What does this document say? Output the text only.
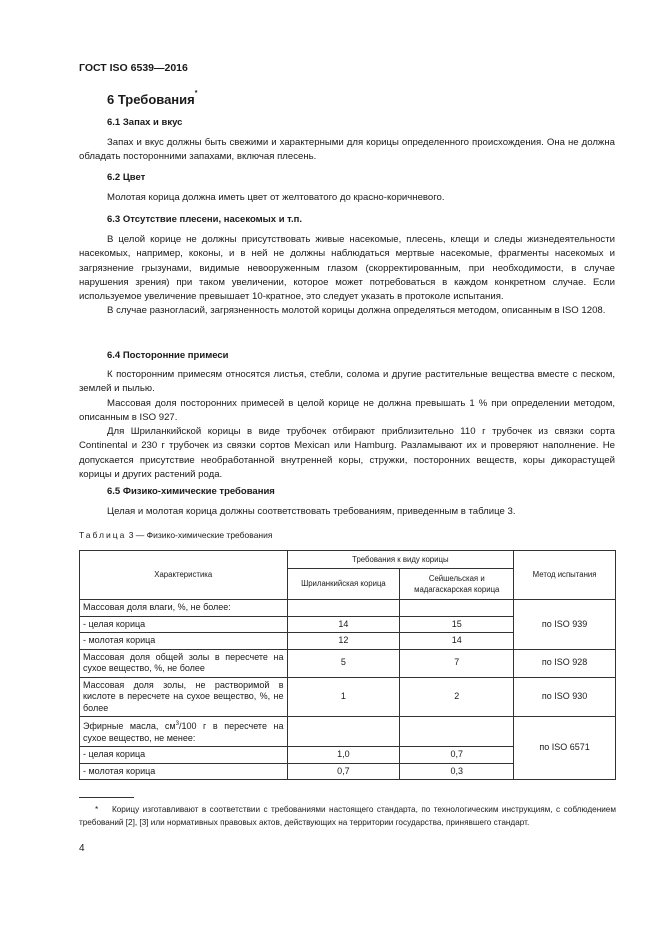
ГОСТ ISO 6539—2016
6 Требования*
6.1 Запах и вкус

Запах и вкус должны быть свежими и характерными для корицы определенного происхождения. Она не должна обладать посторонними запахами, включая плесень.

6.2 Цвет

Молотая корица должна иметь цвет от желтоватого до красно-коричневого.

6.3 Отсутствие плесени, насекомых и т.п.

В целой корице не должны присутствовать живые насекомые, плесень, клещи и следы жизнедеятельности насекомых, например, коконы, и в ней не должны наблюдаться мертвые насекомые, фрагменты насекомых и загрязнение грызунами, видимые невооруженным глазом (скорректированным, при необходимости, в случае нарушения зрения) при таком увеличении, которое может потребоваться в каждом конкретном случае. Если используемое увеличение превышает 10-кратное, это следует указать в протоколе испытания.

В случае разногласий, загрязненность молотой корицы должна определяться методом, описанным в ISO 1208.

6.4 Посторонние примеси

К посторонним примесям относятся листья, стебли, солома и другие растительные вещества вместе с песком, землей и пылью.

Массовая доля посторонних примесей в целой корице не должна превышать 1 % при определении методом, описанным в ISO 927.

Для Шриланкийской корицы в виде трубочек отбирают приблизительно 110 г трубочек из связки сорта Continental и 230 г трубочек из связки сортов Mexican или Hamburg. Разламывают их и проверяют наполнение. Не допускается присутствие необработанной внутренней коры, стружки, посторонних веществ, коры дикорастущей корицы и других растений рода.

6.5 Физико-химические требования

Целая и молотая корица должны соответствовать требованиям, приведенным в таблице 3.

Таблица 3 — Физико-химические требования
Характеристика	Требования к виду корицы		Метод испытания
	Шриланкийская корица	Сейшельская и мадагаскарская корица	
Массовая доля влаги, %, не более:			по ISO 939
- целая корица	14	15	
- молотая корица	12	14	
Массовая доля общей золы в пересчете на сухое вещество, %, не более	5	7	по ISO 928
Массовая доля золы, не растворимой в кислоте в пересчете на сухое вещество, %, не более	1	2	по ISO 930
Эфирные масла, $см^3/100$ г в пересчете на сухое вещество, не менее:			по ISO 6571
- целая корица	1,0	0,7	
- молотая корица	0,7	0,3	

* Корицу изготавливают в соответствии с требованиями настоящего стандарта, по технологическим инструкциям, с соблюдением требований [2], [3] или нормативных правовых актов, действующих на территории государства, принявшего стандарт.

4
